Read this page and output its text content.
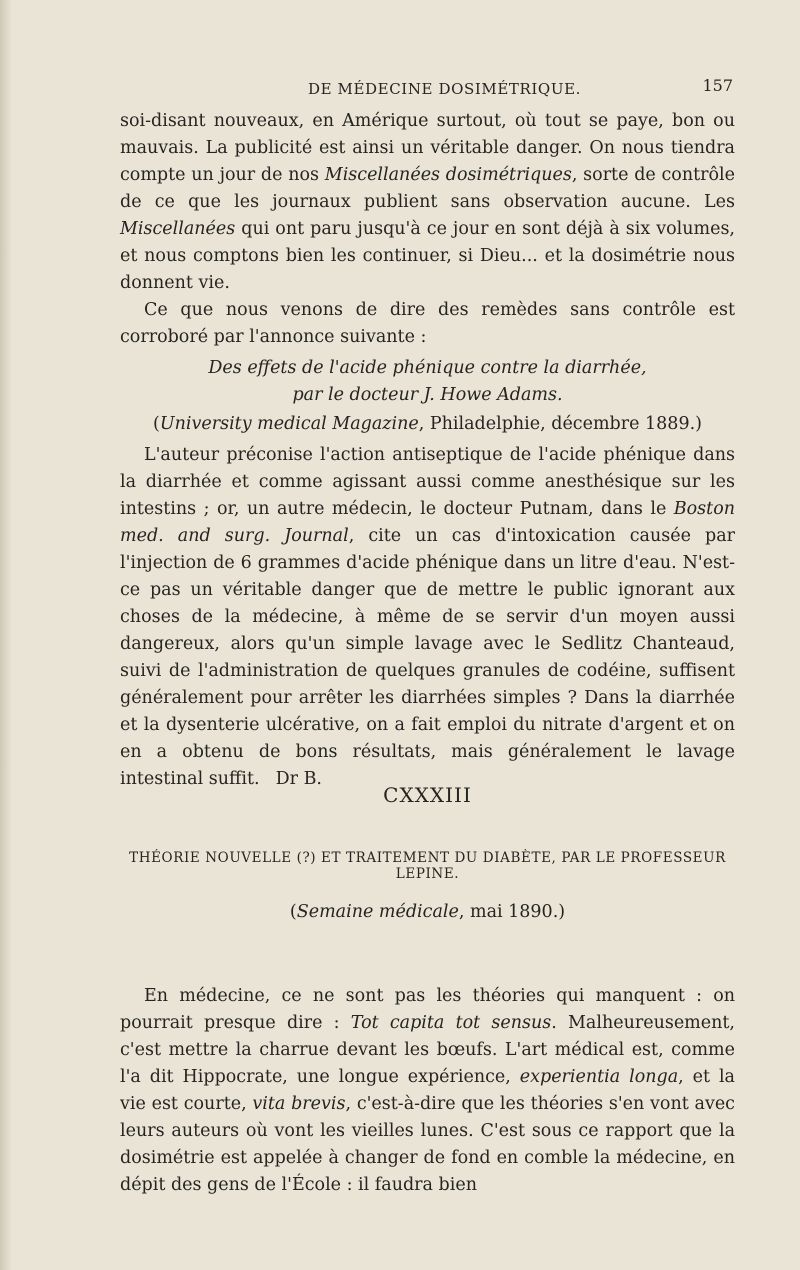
DE MÉDECINE DOSIMÉTRIQUE.	157

soi-disant nouveaux, en Amérique surtout, où tout se paye, bon ou mauvais. La publicité est ainsi un véritable danger. On nous tiendra compte un jour de nos Miscellanées dosimétriques, sorte de contrôle de ce que les journaux publient sans observation aucune. Les Miscellanées qui ont paru jusqu'à ce jour en sont déjà à six volumes, et nous comptons bien les continuer, si Dieu... et la dosimétrie nous donnent vie.

Ce que nous venons de dire des remèdes sans contrôle est corroboré par l'annonce suivante :

Des effets de l'acide phénique contre la diarrhée,

par le docteur J. Howe Adams.

(University medical Magazine, Philadelphie, décembre 1889.)

L'auteur préconise l'action antiseptique de l'acide phénique dans la diarrhée et comme agissant aussi comme anesthésique sur les intestins ; or, un autre médecin, le docteur Putnam, dans le Boston med. and surg. Journal, cite un cas d'intoxication causée par l'injection de 6 grammes d'acide phénique dans un litre d'eau. N'est-ce pas un véritable danger que de mettre le public ignorant aux choses de la médecine, à même de se servir d'un moyen aussi dangereux, alors qu'un simple lavage avec le Sedlitz Chanteaud, suivi de l'administration de quelques granules de codéine, suffisent généralement pour arrêter les diarrhées simples ? Dans la diarrhée et la dysenterie ulcérative, on a fait emploi du nitrate d'argent et on en a obtenu de bons résultats, mais généralement le lavage intestinal suffit. Dr B.

CXXXIII
THÉORIE NOUVELLE (?) ET TRAITEMENT DU DIABÈTE, PAR LE PROFESSEUR LEPINE.
(Semaine médicale, mai 1890.)

En médecine, ce ne sont pas les théories qui manquent : on pourrait presque dire : Tot capita tot sensus. Malheureusement, c'est mettre la charrue devant les bœufs. L'art médical est, comme l'a dit Hippocrate, une longue expérience, experientia longa, et la vie est courte, vita brevis, c'est-à-dire que les théories s'en vont avec leurs auteurs où vont les vieilles lunes. C'est sous ce rapport que la dosimétrie est appelée à changer de fond en comble la médecine, en dépit des gens de l'École : il faudra bien
